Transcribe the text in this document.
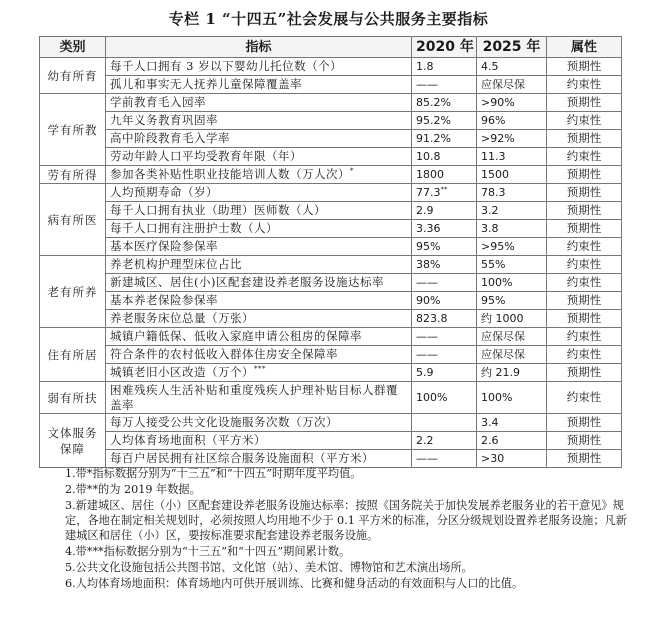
专栏 1 “十四五”社会发展与公共服务主要指标
类别	指标	2020 年	2025 年	属性
幼有所育	每千人口拥有 3 岁以下婴幼儿托位数（个）	1.8	4.5	预期性
	孤儿和事实无人抚养儿童保障覆盖率	——	应保尽保	约束性
学有所教	学前教育毛入园率	85.2%	>90%	预期性
	九年义务教育巩固率	95.2%	96%	约束性
	高中阶段教育毛入学率	91.2%	>92%	预期性
	劳动年龄人口平均受教育年限（年）	10.8	11.3	约束性
劳有所得	参加各类补贴性职业技能培训人数（万人次）*	1800	1500	预期性
病有所医	人均预期寿命（岁）	77.3**	78.3	预期性
	每千人口拥有执业（助理）医师数（人）	2.9	3.2	预期性
	每千人口拥有注册护士数（人）	3.36	3.8	预期性
	基本医疗保险参保率	95%	>95%	约束性
老有所养	养老机构护理型床位占比	38%	55%	约束性
	新建城区、居住(小)区配套建设养老服务设施达标率	——	100%	约束性
	基本养老保险参保率	90%	95%	预期性
	养老服务床位总量（万张）	823.8	约 1000	预期性
住有所居	城镇户籍低保、低收入家庭申请公租房的保障率	——	应保尽保	约束性
	符合条件的农村低收入群体住房安全保障率	——	应保尽保	约束性
	城镇老旧小区改造（万个）***	5.9	约 21.9	预期性
弱有所扶	困难残疾人生活补贴和重度残疾人护理补贴目标人群覆盖率	100%	100%	约束性
文体服务保障	每万人接受公共文化设施服务次数（万次）		3.4	预期性
	人均体育场地面积（平方米）	2.2	2.6	预期性
	每百户居民拥有社区综合服务设施面积（平方米）	——	>30	预期性

1.带*指标数据分别为“十三五”和“十四五”时期年度平均值。

2.带**的为 2019 年数据。

3.新建城区、居住（小）区配套建设养老服务设施达标率：按照《国务院关于加快发展养老服务业的若干意见》规定，各地在制定相关规划时，必须按照人均用地不少于 0.1 平方米的标准，分区分级规划设置养老服务设施；凡新建城区和居住（小）区，要按标准要求配套建设养老服务设施。

4.带***指标数据分别为“十三五”和“十四五”期间累计数。

5.公共文化设施包括公共图书馆、文化馆（站）、美术馆、博物馆和艺术演出场所。

6.人均体育场地面积：体育场地内可供开展训练、比赛和健身活动的有效面积与人口的比值。
